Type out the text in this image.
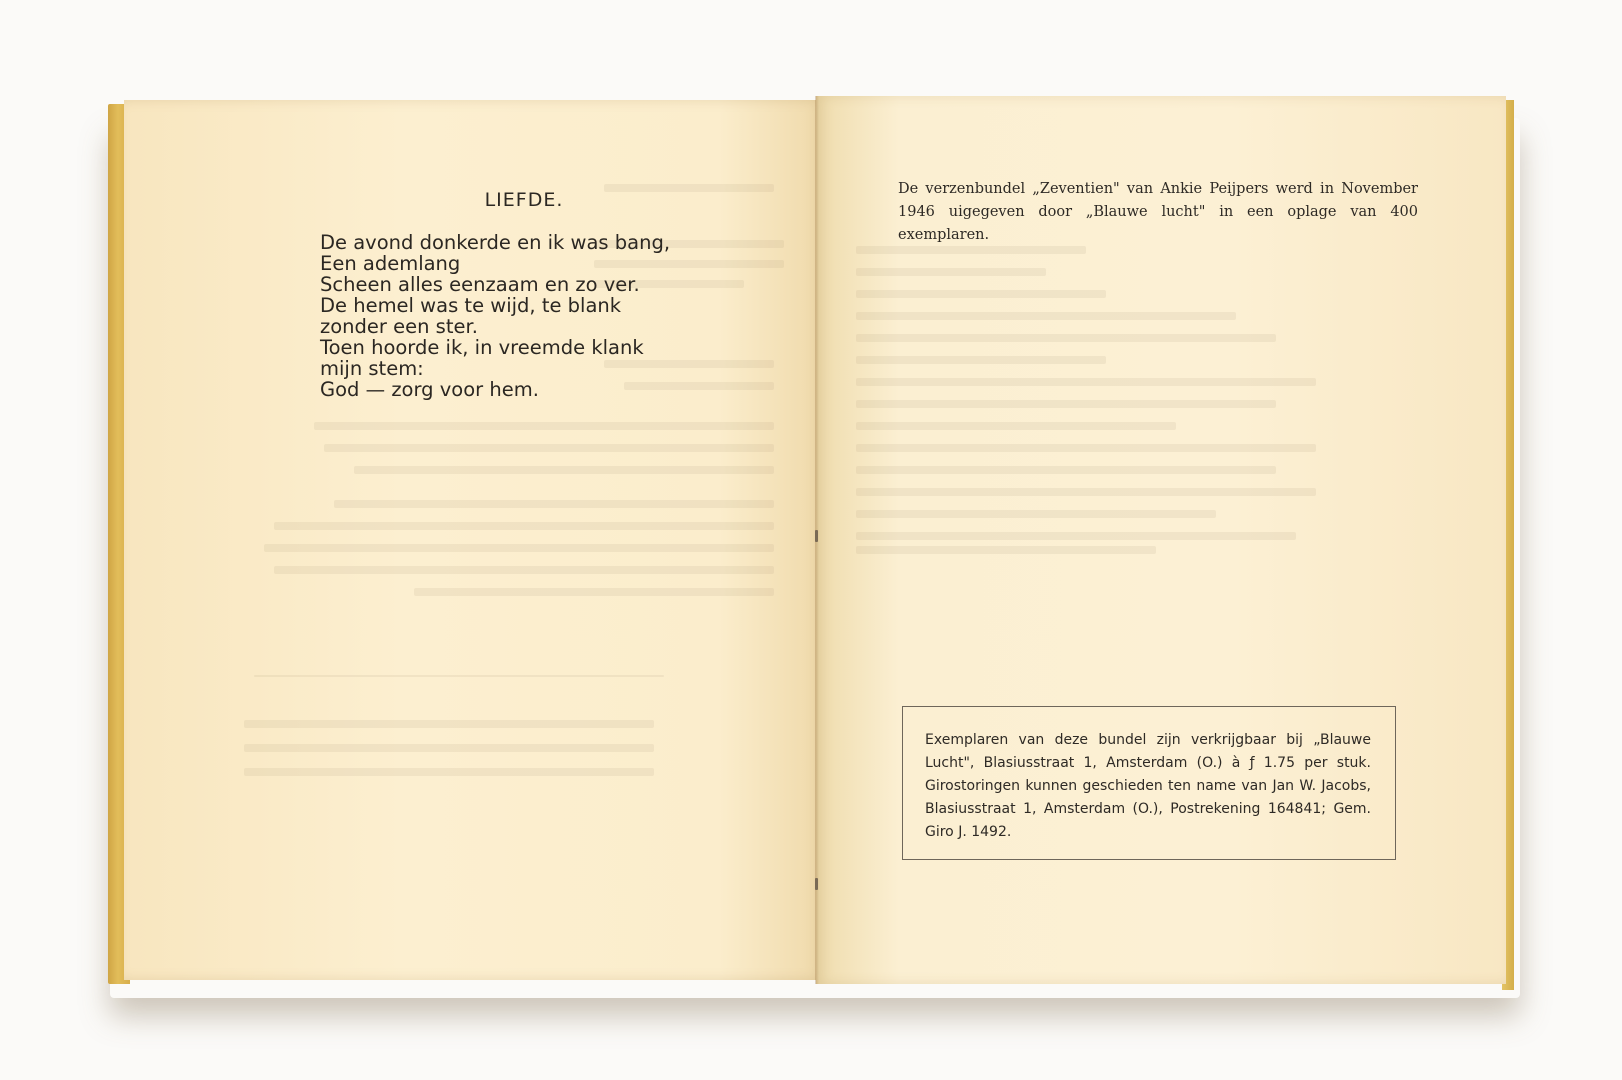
LIEFDE.
De avond donkerde en ik was bang,
Een ademlang
Scheen alles eenzaam en zo ver.
De hemel was te wijd, te blank
zonder een ster.
Toen hoorde ik, in vreemde klank
mijn stem:
God — zorg voor hem.
De verzenbundel „Zeventien" van Ankie Peijpers werd in November 1946 uigegeven door „Blauwe lucht" in een oplage van 400 exemplaren.
Exemplaren van deze bundel zijn verkrijgbaar bij „Blauwe Lucht", Blasiusstraat 1, Amsterdam (O.) à ƒ 1.75 per stuk. Girostoringen kunnen geschieden ten name van Jan W. Jacobs, Blasiusstraat 1, Amsterdam (O.), Postrekening 164841; Gem. Giro J. 1492.
